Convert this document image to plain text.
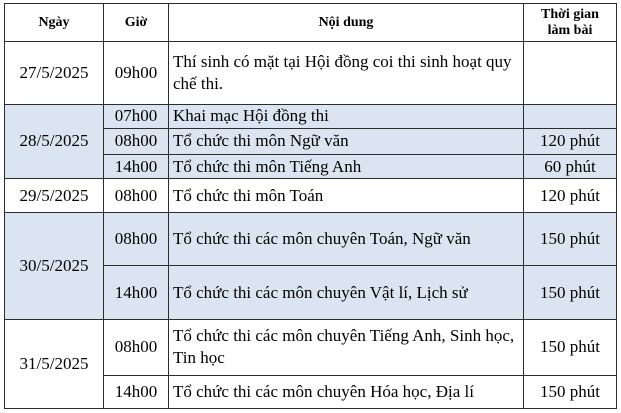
Ngày	Giờ	Nội dung	Thời gian
làm bài
27/5/2025	09h00	Thí sinh có mặt tại Hội đồng coi thi sinh hoạt quy chế thi.	
28/5/2025	07h00	Khai mạc Hội đồng thi	
	08h00	Tổ chức thi môn Ngữ văn	120 phút
	14h00	Tổ chức thi môn Tiếng Anh	60 phút
29/5/2025	08h00	Tổ chức thi môn Toán	120 phút
30/5/2025	08h00	Tổ chức thi các môn chuyên Toán, Ngữ văn	150 phút
	14h00	Tổ chức thi các môn chuyên Vật lí, Lịch sử	150 phút
31/5/2025	08h00	Tổ chức thi các môn chuyên Tiếng Anh, Sinh học, Tin học	150 phút
	14h00	Tổ chức thi các môn chuyên Hóa học, Địa lí	150 phút
